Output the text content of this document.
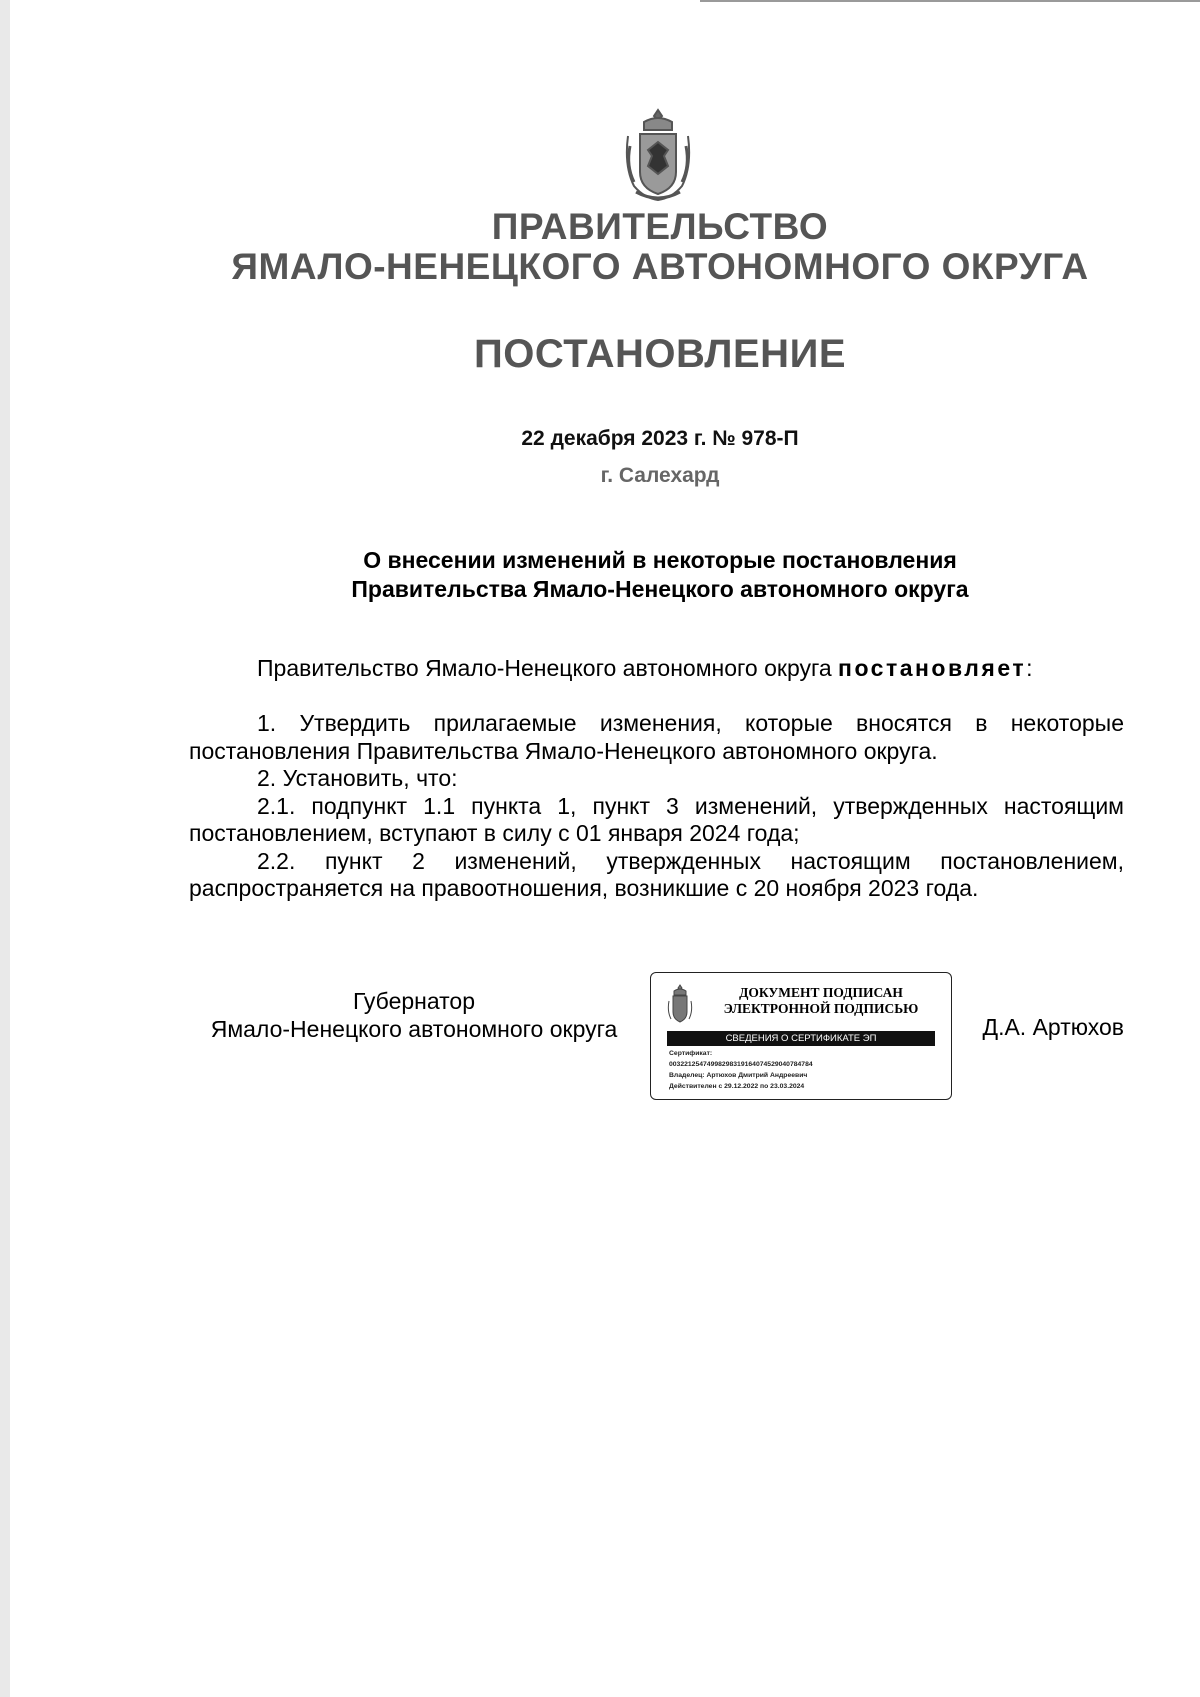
ПРАВИТЕЛЬСТВО
ЯМАЛО-НЕНЕЦКОГО АВТОНОМНОГО ОКРУГА
ПОСТАНОВЛЕНИЕ
22 декабря 2023 г. № 978-П
г. Салехард
О внесении изменений в некоторые постановления
Правительства Ямало-Ненецкого автономного округа

Правительство Ямало-Ненецкого автономного округа постановляет:

1. Утвердить прилагаемые изменения, которые вносятся в некоторые постановления Правительства Ямало-Ненецкого автономного округа.

2. Установить, что:

2.1. подпункт 1.1 пункта 1, пункт 3 изменений, утвержденных настоящим постановлением, вступают в силу с 01 января 2024 года;

2.2. пункт 2 изменений, утвержденных настоящим постановлением, распространяется на правоотношения, возникшие с 20 ноября 2023 года.

Губернатор
Ямало-Ненецкого автономного округа
ДОКУМЕНТ ПОДПИСАН
ЭЛЕКТРОННОЙ ПОДПИСЬЮ
СВЕДЕНИЯ О СЕРТИФИКАТЕ ЭП
Сертификат:
00322125474998298319164074529040784784
Владелец: Артюхов Дмитрий Андреевич
Действителен с 29.12.2022 по 23.03.2024
Д.А. Артюхов
